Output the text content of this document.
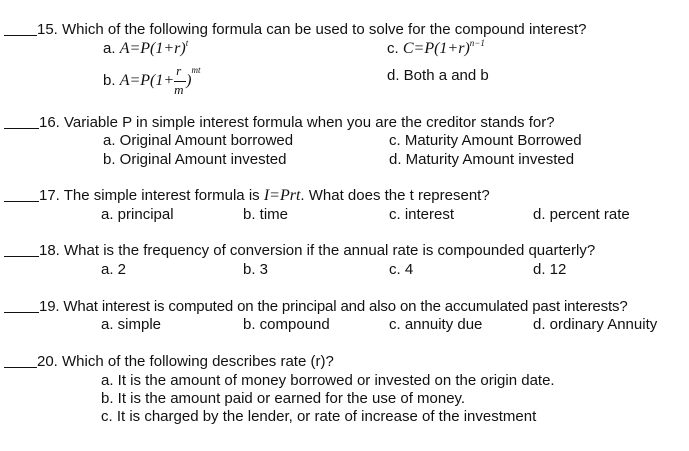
15. Which of the following formula can be used to solve for the compound interest?
a. $A=P(1+r)^t$	c. $C=P(1+r)^{n-1}$
b. $A=P(1+ \frac{r}{m} )^{mt}$	d. Both a and b
16. Variable P in simple interest formula when you are the creditor stands for?
a. Original Amount borrowed	c. Maturity Amount Borrowed
b. Original Amount invested	d. Maturity Amount invested
17. The simple interest formula is I=Prt. What does the t represent?
a. principal	b. time	c. interest	d. percent rate
18. What is the frequency of conversion if the annual rate is compounded quarterly?
a. 2	b. 3	c. 4	d. 12
19. What interest is computed on the principal and also on the accumulated past interests?
a. simple	b. compound	c. annuity due	d. ordinary Annuity
20. Which of the following describes rate (r)?
a. It is the amount of money borrowed or invested on the origin date.
b. It is the amount paid or earned for the use of money.
c. It is charged by the lender, or rate of increase of the investment
